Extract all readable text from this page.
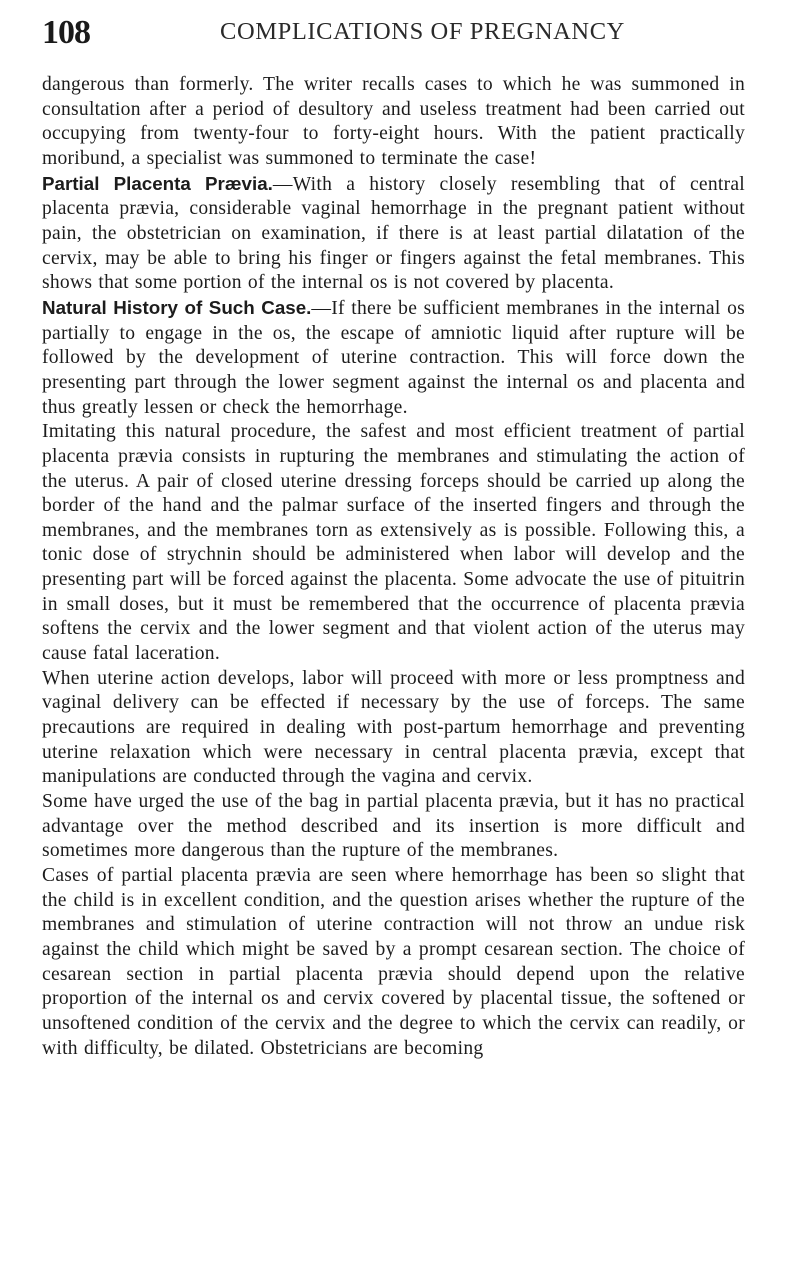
108	COMPLICATIONS OF PREGNANCY

dangerous than formerly. The writer recalls cases to which he was summoned in consultation after a period of desultory and useless treatment had been carried out occupying from twenty-four to forty-eight hours. With the patient practically moribund, a specialist was summoned to terminate the case!

Partial Placenta Prævia.—With a history closely resembling that of central placenta prævia, considerable vaginal hemorrhage in the pregnant patient without pain, the obstetrician on examination, if there is at least partial dilatation of the cervix, may be able to bring his finger or fingers against the fetal membranes. This shows that some portion of the internal os is not covered by placenta.

Natural History of Such Case.—If there be sufficient membranes in the internal os partially to engage in the os, the escape of amniotic liquid after rupture will be followed by the development of uterine contraction. This will force down the presenting part through the lower segment against the internal os and placenta and thus greatly lessen or check the hemorrhage.

Imitating this natural procedure, the safest and most efficient treatment of partial placenta prævia consists in rupturing the membranes and stimulating the action of the uterus. A pair of closed uterine dressing forceps should be carried up along the border of the hand and the palmar surface of the inserted fingers and through the membranes, and the membranes torn as extensively as is possible. Following this, a tonic dose of strychnin should be administered when labor will develop and the presenting part will be forced against the placenta. Some advocate the use of pituitrin in small doses, but it must be remembered that the occurrence of placenta prævia softens the cervix and the lower segment and that violent action of the uterus may cause fatal laceration.

When uterine action develops, labor will proceed with more or less promptness and vaginal delivery can be effected if necessary by the use of forceps. The same precautions are required in dealing with post-partum hemorrhage and preventing uterine relaxation which were necessary in central placenta prævia, except that manipulations are conducted through the vagina and cervix.

Some have urged the use of the bag in partial placenta prævia, but it has no practical advantage over the method described and its insertion is more difficult and sometimes more dangerous than the rupture of the membranes.

Cases of partial placenta prævia are seen where hemorrhage has been so slight that the child is in excellent condition, and the question arises whether the rupture of the membranes and stimulation of uterine contraction will not throw an undue risk against the child which might be saved by a prompt cesarean section. The choice of cesarean section in partial placenta prævia should depend upon the relative proportion of the internal os and cervix covered by placental tissue, the softened or unsoftened condition of the cervix and the degree to which the cervix can readily, or with difficulty, be dilated. Obstetricians are becoming
